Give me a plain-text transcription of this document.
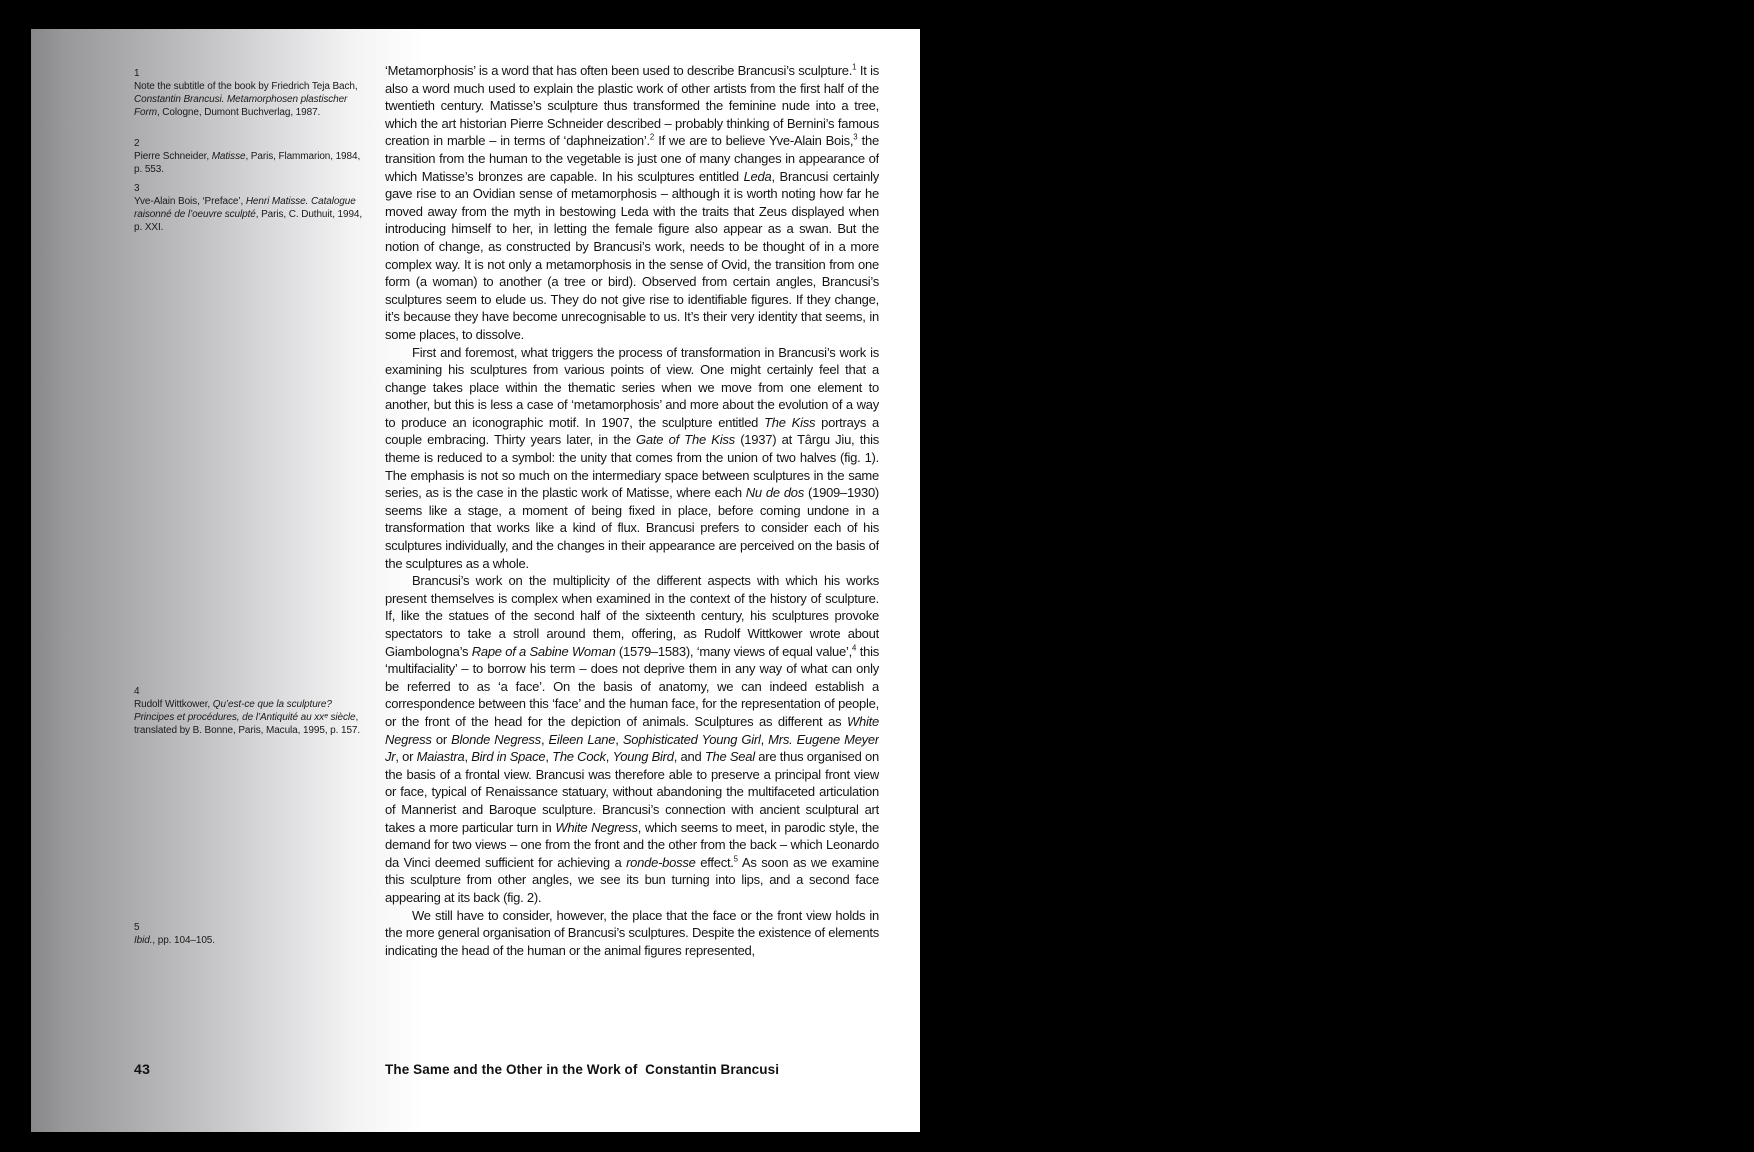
1
Note the subtitle of the book by Friedrich Teja Bach, Constantin Brancusi. Metamorphosen plastischer Form, Cologne, Dumont Buchverlag, 1987.
2
Pierre Schneider, Matisse, Paris, Flammarion, 1984, p. 553.
3
Yve-Alain Bois, ‘Preface’, Henri Matisse. Catalogue raisonné de l’oeuvre sculpté, Paris, C. Duthuit, 1994, p. XXI.
4
Rudolf Wittkower, Qu’est-ce que la sculpture? Principes et procédures, de l’Antiquité au xxᵉ siècle, translated by B. Bonne, Paris, Macula, 1995, p. 157.
5
Ibid., pp. 104–105.

‘Metamorphosis’ is a word that has often been used to describe Brancusi’s sculpture.$^1$ It is also a word much used to explain the plastic work of other artists from the first half of the twentieth century. Matisse’s sculpture thus transformed the feminine nude into a tree, which the art historian Pierre Schneider described – probably thinking of Bernini’s famous creation in marble – in terms of ‘daphneization’.$^2$ If we are to believe Yve-Alain Bois,$^3$ the transition from the human to the vegetable is just one of many changes in appearance of which Matisse’s bronzes are capable. In his sculptures entitled Leda, Brancusi certainly gave rise to an Ovidian sense of metamorphosis – although it is worth noting how far he moved away from the myth in bestowing Leda with the traits that Zeus displayed when introducing himself to her, in letting the female figure also appear as a swan. But the notion of change, as constructed by Brancusi’s work, needs to be thought of in a more complex way. It is not only a metamorphosis in the sense of Ovid, the transition from one form (a woman) to another (a tree or bird). Observed from certain angles, Brancusi’s sculptures seem to elude us. They do not give rise to identifiable figures. If they change, it’s because they have become unrecognisable to us. It’s their very identity that seems, in some places, to dissolve.

First and foremost, what triggers the process of transformation in Brancusi’s work is examining his sculptures from various points of view. One might certainly feel that a change takes place within the thematic series when we move from one element to another, but this is less a case of ‘metamorphosis’ and more about the evolution of a way to produce an iconographic motif. In 1907, the sculpture entitled The Kiss portrays a couple embracing. Thirty years later, in the Gate of The Kiss (1937) at Târgu Jiu, this theme is reduced to a symbol: the unity that comes from the union of two halves (fig. 1). The emphasis is not so much on the intermediary space between sculptures in the same series, as is the case in the plastic work of Matisse, where each Nu de dos (1909–1930) seems like a stage, a moment of being fixed in place, before coming undone in a transformation that works like a kind of flux. Brancusi prefers to consider each of his sculptures individually, and the changes in their appearance are perceived on the basis of the sculptures as a whole.

Brancusi’s work on the multiplicity of the different aspects with which his works present themselves is complex when examined in the context of the history of sculpture. If, like the statues of the second half of the sixteenth century, his sculptures provoke spectators to take a stroll around them, offering, as Rudolf Wittkower wrote about Giambologna’s Rape of a Sabine Woman (1579–1583), ‘many views of equal value’,$^4$ this ‘multifaciality’ – to borrow his term – does not deprive them in any way of what can only be referred to as ‘a face’. On the basis of anatomy, we can indeed establish a correspondence between this ‘face’ and the human face, for the representation of people, or the front of the head for the depiction of animals. Sculptures as different as White Negress or Blonde Negress, Eileen Lane, Sophisticated Young Girl, Mrs. Eugene Meyer Jr, or Maiastra, Bird in Space, The Cock, Young Bird, and The Seal are thus organised on the basis of a frontal view. Brancusi was therefore able to preserve a principal front view or face, typical of Renaissance statuary, without abandoning the multifaceted articulation of Mannerist and Baroque sculpture. Brancusi’s connection with ancient sculptural art takes a more particular turn in White Negress, which seems to meet, in parodic style, the demand for two views – one from the front and the other from the back – which Leonardo da Vinci deemed sufficient for achieving a ronde-bosse effect.$^5$ As soon as we examine this sculpture from other angles, we see its bun turning into lips, and a second face appearing at its back (fig. 2).

We still have to consider, however, the place that the face or the front view holds in the more general organisation of Brancusi’s sculptures. Despite the existence of elements indicating the head of the human or the animal figures represented,

43	The Same and the Other in the Work of  Constantin Brancusi
